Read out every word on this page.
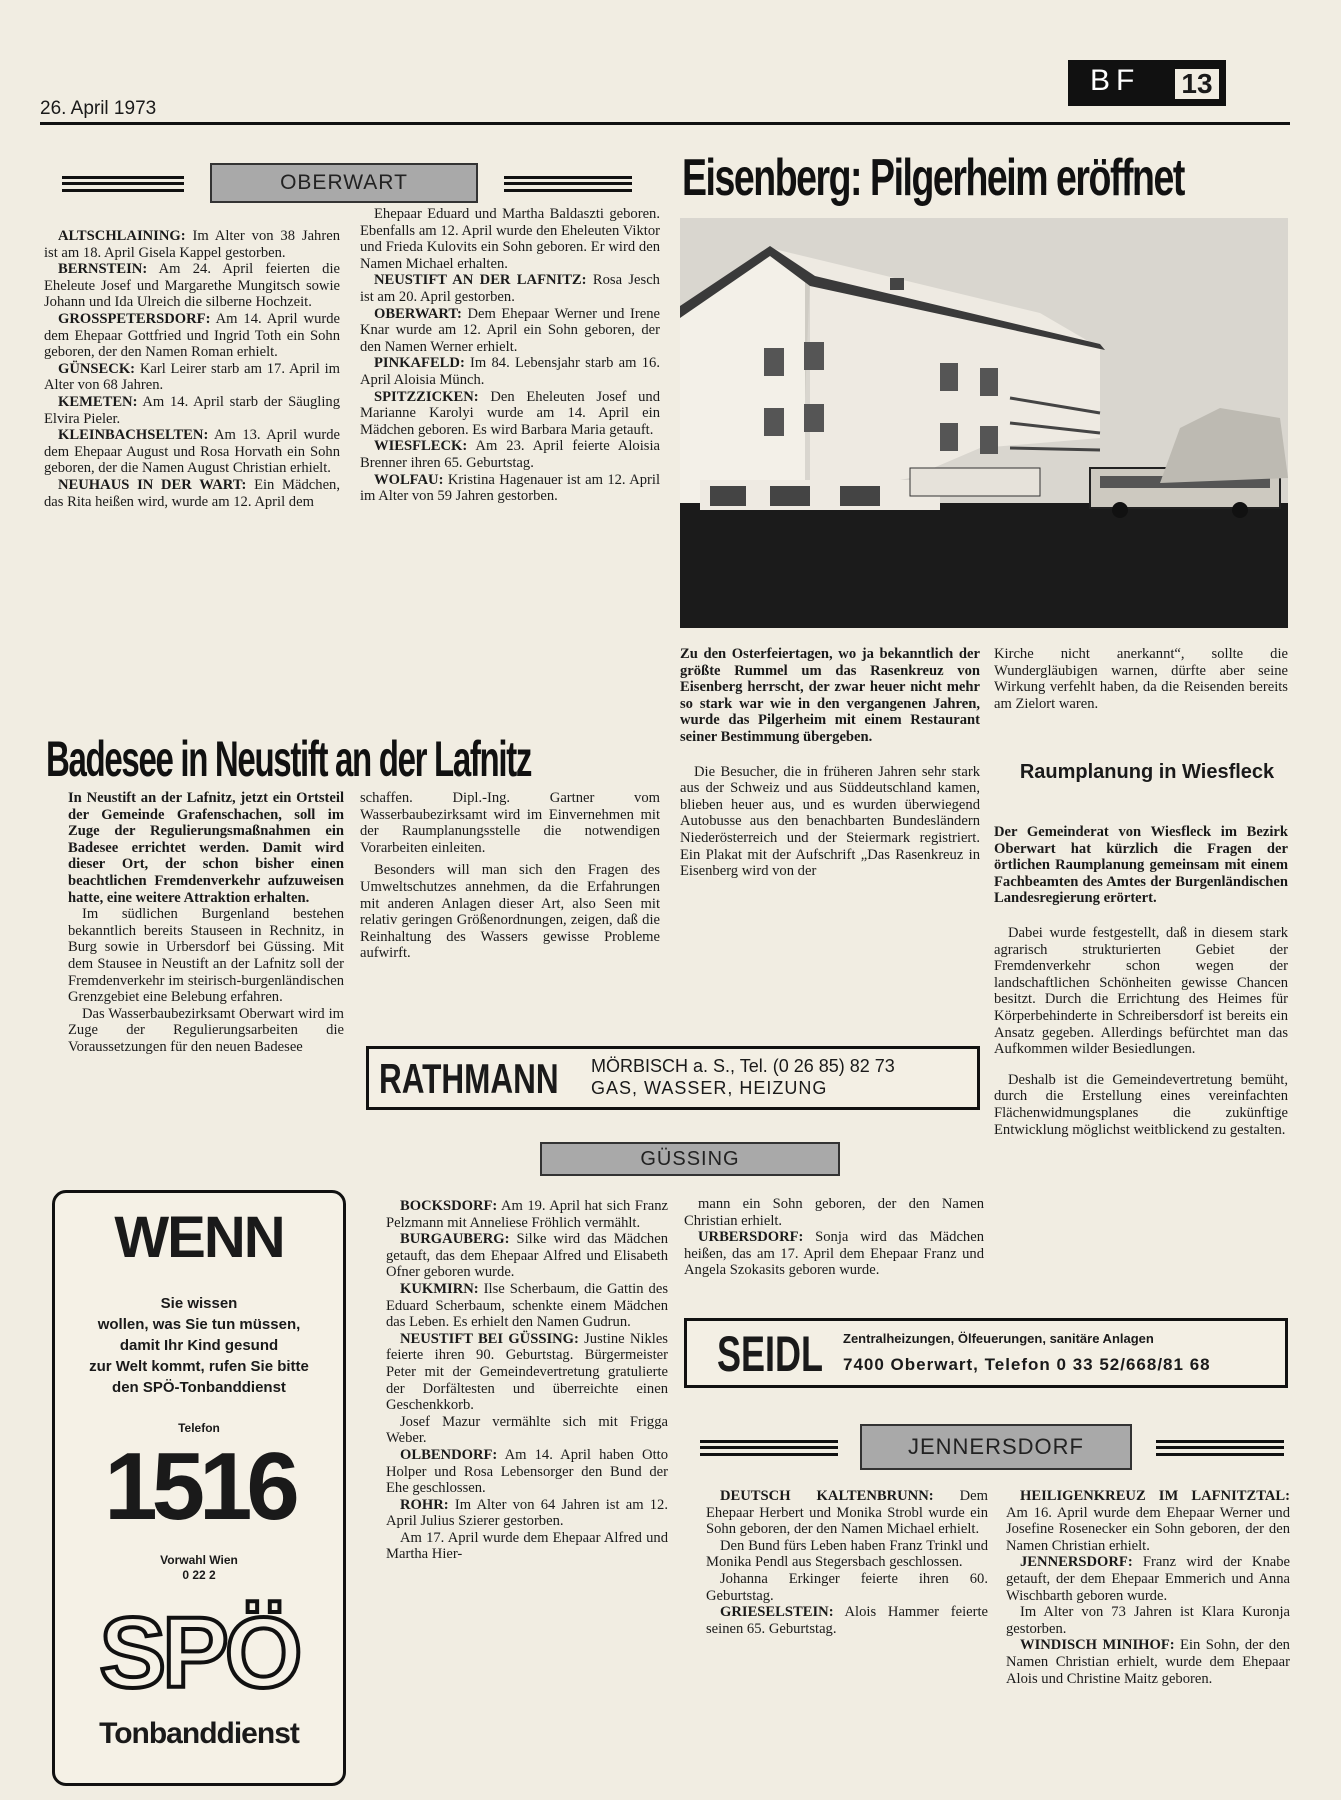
26. April 1973
BF	13
OBERWART

ALTSCHLAINING: Im Alter von 38 Jahren ist am 18. April Gisela Kappel gestorben.

BERNSTEIN: Am 24. April feierten die Eheleute Josef und Margarethe Mungitsch sowie Johann und Ida Ulreich die silberne Hochzeit.

GROSSPETERSDORF: Am 14. April wurde dem Ehepaar Gottfried und Ingrid Toth ein Sohn geboren, der den Namen Roman erhielt.

GÜNSECK: Karl Leirer starb am 17. April im Alter von 68 Jahren.

KEMETEN: Am 14. April starb der Säugling Elvira Pieler.

KLEINBACHSELTEN: Am 13. April wurde dem Ehepaar August und Rosa Horvath ein Sohn geboren, der die Namen August Christian erhielt.

NEUHAUS IN DER WART: Ein Mädchen, das Rita heißen wird, wurde am 12. April dem

Ehepaar Eduard und Martha Baldaszti geboren. Ebenfalls am 12. April wurde den Eheleuten Viktor und Frieda Kulovits ein Sohn geboren. Er wird den Namen Michael erhalten.

NEUSTIFT AN DER LAFNITZ: Rosa Jesch ist am 20. April gestorben.

OBERWART: Dem Ehepaar Werner und Irene Knar wurde am 12. April ein Sohn geboren, der den Namen Werner erhielt.

PINKAFELD: Im 84. Lebensjahr starb am 16. April Aloisia Münch.

SPITZZICKEN: Den Eheleuten Josef und Marianne Karolyi wurde am 14. April ein Mädchen geboren. Es wird Barbara Maria getauft.

WIESFLECK: Am 23. April feierte Aloisia Brenner ihren 65. Geburtstag.

WOLFAU: Kristina Hagenauer ist am 12. April im Alter von 59 Jahren gestorben.

Eisenberg: Pilgerheim eröffnet

Zu den Osterfeiertagen, wo ja bekanntlich der größte Rummel um das Rasenkreuz von Eisenberg herrscht, der zwar heuer nicht mehr so stark war wie in den vergangenen Jahren, wurde das Pilgerheim mit einem Restaurant seiner Bestimmung übergeben.

Die Besucher, die in früheren Jahren sehr stark aus der Schweiz und aus Süddeutschland kamen, blieben heuer aus, und es wurden überwiegend Autobusse aus den benachbarten Bundesländern Niederösterreich und der Steiermark registriert. Ein Plakat mit der Aufschrift „Das Rasenkreuz in Eisenberg wird von der

Kirche nicht anerkannt“, sollte die Wundergläubigen warnen, dürfte aber seine Wirkung verfehlt haben, da die Reisenden bereits am Zielort waren.
Raumplanung in Wiesfleck

Der Gemeinderat von Wiesfleck im Bezirk Oberwart hat kürzlich die Fragen der örtlichen Raumplanung gemeinsam mit einem Fachbeamten des Amtes der Burgenländischen Landesregierung erörtert.

Dabei wurde festgestellt, daß in diesem stark agrarisch strukturierten Gebiet der Fremdenverkehr schon wegen der landschaftlichen Schönheiten gewisse Chancen besitzt. Durch die Errichtung des Heimes für Körperbehinderte in Schreibersdorf ist bereits ein Ansatz gegeben. Allerdings befürchtet man das Aufkommen wilder Besiedlungen.

Deshalb ist die Gemeindevertretung bemüht, durch die Erstellung eines vereinfachten Flächenwidmungsplanes die zukünftige Entwicklung möglichst weitblickend zu gestalten.

Badesee in Neustift an der Lafnitz

In Neustift an der Lafnitz, jetzt ein Ortsteil der Gemeinde Grafenschachen, soll im Zuge der Regulierungsmaßnahmen ein Badesee errichtet werden. Damit wird dieser Ort, der schon bisher einen beachtlichen Fremdenverkehr aufzuweisen hatte, eine weitere Attraktion erhalten.

Im südlichen Burgenland bestehen bekanntlich bereits Stauseen in Rechnitz, in Burg sowie in Urbersdorf bei Güssing. Mit dem Stausee in Neustift an der Lafnitz soll der Fremdenverkehr im steirisch-burgenländischen Grenzgebiet eine Belebung erfahren.

Das Wasserbaubezirksamt Oberwart wird im Zuge der Regulierungsarbeiten die Voraussetzungen für den neuen Badesee

schaffen. Dipl.-Ing. Gartner vom Wasserbaubezirksamt wird im Einvernehmen mit der Raumplanungsstelle die notwendigen Vorarbeiten einleiten.

Besonders will man sich den Fragen des Umweltschutzes annehmen, da die Erfahrungen mit anderen Anlagen dieser Art, also Seen mit relativ geringen Größenordnungen, zeigen, daß die Reinhaltung des Wassers gewisse Probleme aufwirft.

RATHMANN MÖRBISCH a. S., Tel. (0 26 85) 82 73
GAS, WASSER, HEIZUNG
GÜSSING
WENN
Sie wissen
wollen, was Sie tun müssen,
damit Ihr Kind gesund
zur Welt kommt, rufen Sie bitte
den SPÖ-Tonbanddienst
Telefon
1516
Vorwahl Wien
0 22 2
SPÖ
Tonbanddienst

BOCKSDORF: Am 19. April hat sich Franz Pelzmann mit Anneliese Fröhlich vermählt.

BURGAUBERG: Silke wird das Mädchen getauft, das dem Ehepaar Alfred und Elisabeth Ofner geboren wurde.

KUKMIRN: Ilse Scherbaum, die Gattin des Eduard Scherbaum, schenkte einem Mädchen das Leben. Es erhielt den Namen Gudrun.

NEUSTIFT BEI GÜSSING: Justine Nikles feierte ihren 90. Geburtstag. Bürgermeister Peter mit der Gemeindevertretung gratulierte der Dorfältesten und überreichte einen Geschenkkorb.

Josef Mazur vermählte sich mit Frigga Weber.

OLBENDORF: Am 14. April haben Otto Holper und Rosa Lebensorger den Bund der Ehe geschlossen.

ROHR: Im Alter von 64 Jahren ist am 12. April Julius Szierer gestorben.

Am 17. April wurde dem Ehepaar Alfred und Martha Hier-

mann ein Sohn geboren, der den Namen Christian erhielt.

URBERSDORF: Sonja wird das Mädchen heißen, das am 17. April dem Ehepaar Franz und Angela Szokasits geboren wurde.

SEIDL Zentralheizungen, Ölfeuerungen, sanitäre Anlagen
7400 Oberwart, Telefon 0 33 52/668/81 68
JENNERSDORF

DEUTSCH KALTENBRUNN: Dem Ehepaar Herbert und Monika Strobl wurde ein Sohn geboren, der den Namen Michael erhielt.

Den Bund fürs Leben haben Franz Trinkl und Monika Pendl aus Stegersbach geschlossen.

Johanna Erkinger feierte ihren 60. Geburtstag.

GRIESELSTEIN: Alois Hammer feierte seinen 65. Geburtstag.

HEILIGENKREUZ IM LAFNITZTAL: Am 16. April wurde dem Ehepaar Werner und Josefine Rosenecker ein Sohn geboren, der den Namen Christian erhielt.

JENNERSDORF: Franz wird der Knabe getauft, der dem Ehepaar Emmerich und Anna Wischbarth geboren wurde.

Im Alter von 73 Jahren ist Klara Kuronja gestorben.

WINDISCH MINIHOF: Ein Sohn, der den Namen Christian erhielt, wurde dem Ehepaar Alois und Christine Maitz geboren.
